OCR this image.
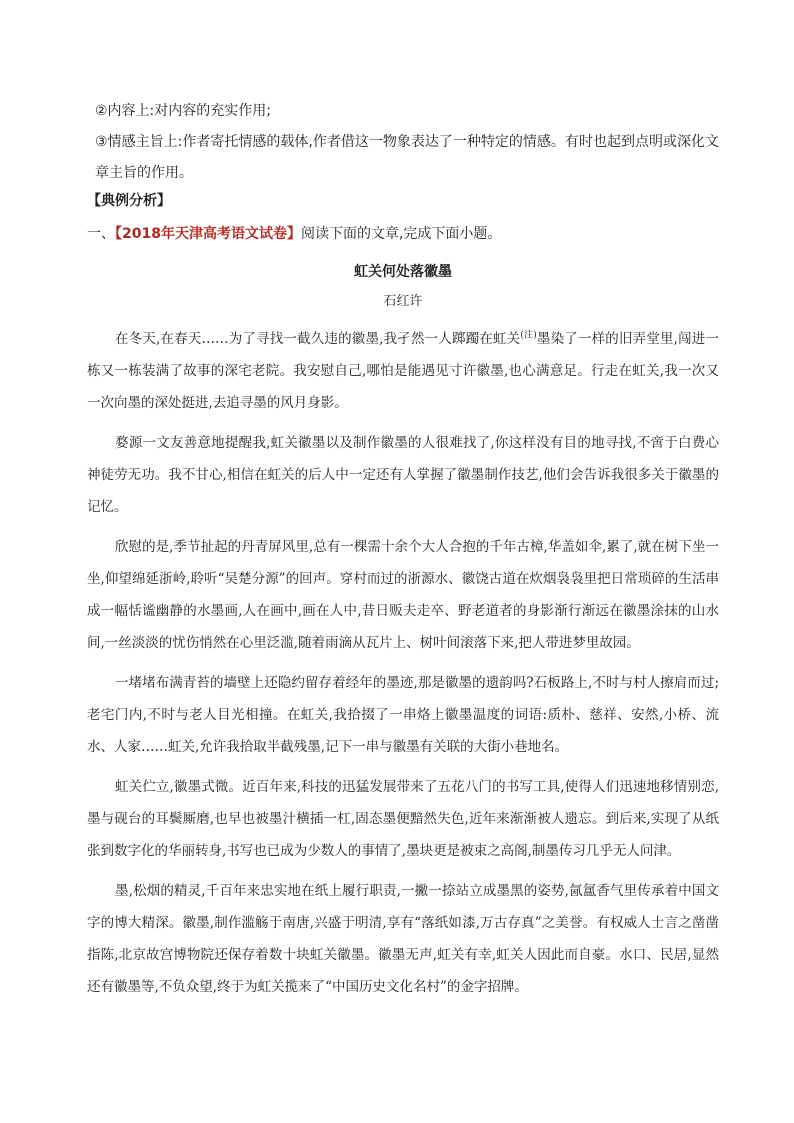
②内容上:对内容的充实作用;

③情感主旨上:作者寄托情感的载体,作者借这一物象表达了一种特定的情感。有时也起到点明或深化文章主旨的作用。

【典例分析】

一、【2018年天津高考语文试卷】阅读下面的文章,完成下面小题。

虹关何处落徽墨

石红许

在冬天,在春天……为了寻找一截久违的徽墨,我孑然一人踯躅在虹关$^{(注)}$墨染了一样的旧弄堂里,闯进一栋又一栋装满了故事的深宅老院。我安慰自己,哪怕是能遇见寸许徽墨,也心满意足。行走在虹关,我一次又一次向墨的深处挺进,去追寻墨的风月身影。

婺源一文友善意地提醒我,虹关徽墨以及制作徽墨的人很难找了,你这样没有目的地寻找,不啻于白费心神徒劳无功。我不甘心,相信在虹关的后人中一定还有人掌握了徽墨制作技艺,他们会告诉我很多关于徽墨的记忆。

欣慰的是,季节扯起的丹青屏风里,总有一棵需十余个大人合抱的千年古樟,华盖如伞,累了,就在树下坐一坐,仰望绵延浙岭,聆听“吴楚分源”的回声。穿村而过的浙源水、徽饶古道在炊烟袅袅里把日常琐碎的生活串成一幅恬谧幽静的水墨画,人在画中,画在人中,昔日贩夫走卒、野老道者的身影渐行渐远在徽墨涂抹的山水间,一丝淡淡的忧伤悄然在心里泛滥,随着雨滴从瓦片上、树叶间滚落下来,把人带进梦里故园。

一堵堵布满青苔的墙壁上还隐约留存着经年的墨迹,那是徽墨的遗韵吗?石板路上,不时与村人擦肩而过;老宅门内,不时与老人目光相撞。在虹关,我拾掇了一串烙上徽墨温度的词语:质朴、慈祥、安然,小桥、流水、人家……虹关,允许我拾取半截残墨,记下一串与徽墨有关联的大街小巷地名。

虹关伫立,徽墨式微。近百年来,科技的迅猛发展带来了五花八门的书写工具,使得人们迅速地移情别恋,墨与砚台的耳鬓厮磨,也早也被墨汁横插一杠,固态墨便黯然失色,近年来渐渐被人遗忘。到后来,实现了从纸张到数字化的华丽转身,书写也已成为少数人的事情了,墨块更是被束之高阁,制墨传习几乎无人问津。

墨,松烟的精灵,千百年来忠实地在纸上履行职责,一撇一捺站立成墨黑的姿势,氤氲香气里传承着中国文字的博大精深。徽墨,制作滥觞于南唐,兴盛于明清,享有“落纸如漆,万古存真”之美誉。有权威人士言之凿凿指陈,北京故宫博物院还保存着数十块虹关徽墨。徽墨无声,虹关有幸,虹关人因此而自豪。水口、民居,显然还有徽墨等,不负众望,终于为虹关揽来了“中国历史文化名村”的金字招牌。
